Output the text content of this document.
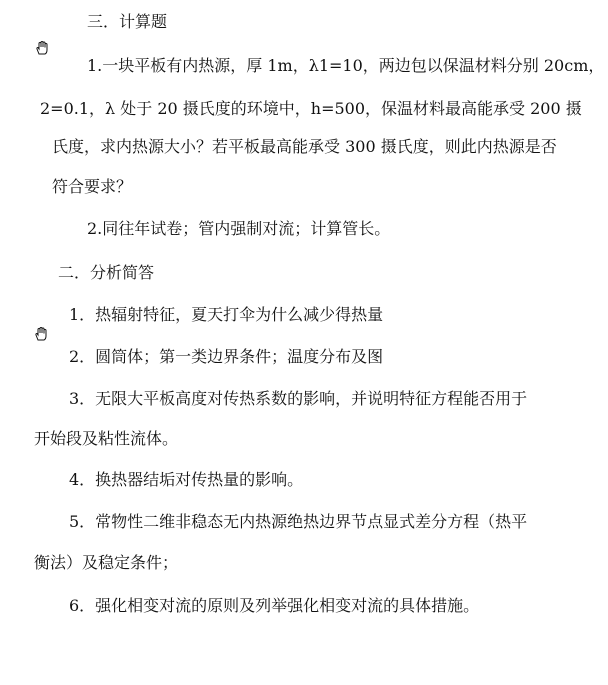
三．计算题
1.一块平板有内热源，厚 1m，λ1=10，两边包以保温材料分别 20cm，
2=0.1，λ 处于 20 摄氏度的环境中，h=500，保温材料最高能承受 200 摄
氏度，求内热源大小？若平板最高能承受 300 摄氏度，则此内热源是否
符合要求？
2.同往年试卷；管内强制对流；计算管长。
二．分析简答
1．热辐射特征，夏天打伞为什么减少得热量
2．圆筒体；第一类边界条件；温度分布及图
3．无限大平板高度对传热系数的影响，并说明特征方程能否用于
开始段及粘性流体。
4．换热器结垢对传热量的影响。
5．常物性二维非稳态无内热源绝热边界节点显式差分方程（热平
衡法）及稳定条件；
6．强化相变对流的原则及列举强化相变对流的具体措施。
